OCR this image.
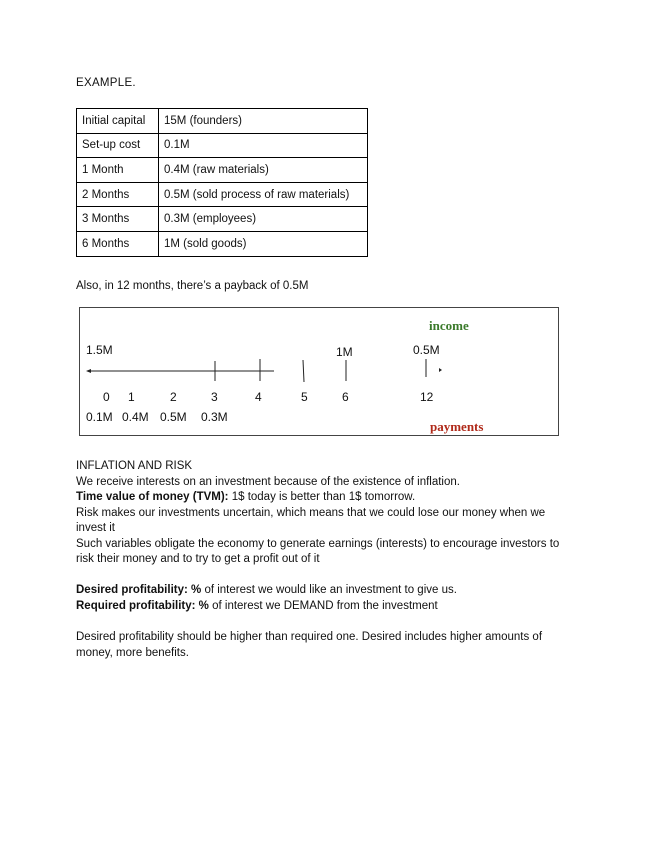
EXAMPLE.
Initial capital	15M (founders)
Set-up cost	0.1M
1 Month	0.4M (raw materials)
2 Months	0.5M (sold process of raw materials)
3 Months	0.3M (employees)
6 Months	1M (sold goods)
Also, in 12 months, there’s a payback of 0.5M
income
payments
1.5M	1M	0.5M
0 1	2	3	4	5	6	12
0.1M 0.4M 0.5M 0.3M
INFLATION AND RISK
We receive interests on an investment because of the existence of inflation.
Time value of money (TVM): 1$ today is better than 1$ tomorrow.
Risk makes our investments uncertain, which means that we could lose our money when we
invest it
Such variables obligate the economy to generate earnings (interests) to encourage investors to
risk their money and to try to get a profit out of it
Desired profitability: % of interest we would like an investment to give us.
Required profitability: % of interest we DEMAND from the investment
Desired profitability should be higher than required one. Desired includes higher amounts of
money, more benefits.
